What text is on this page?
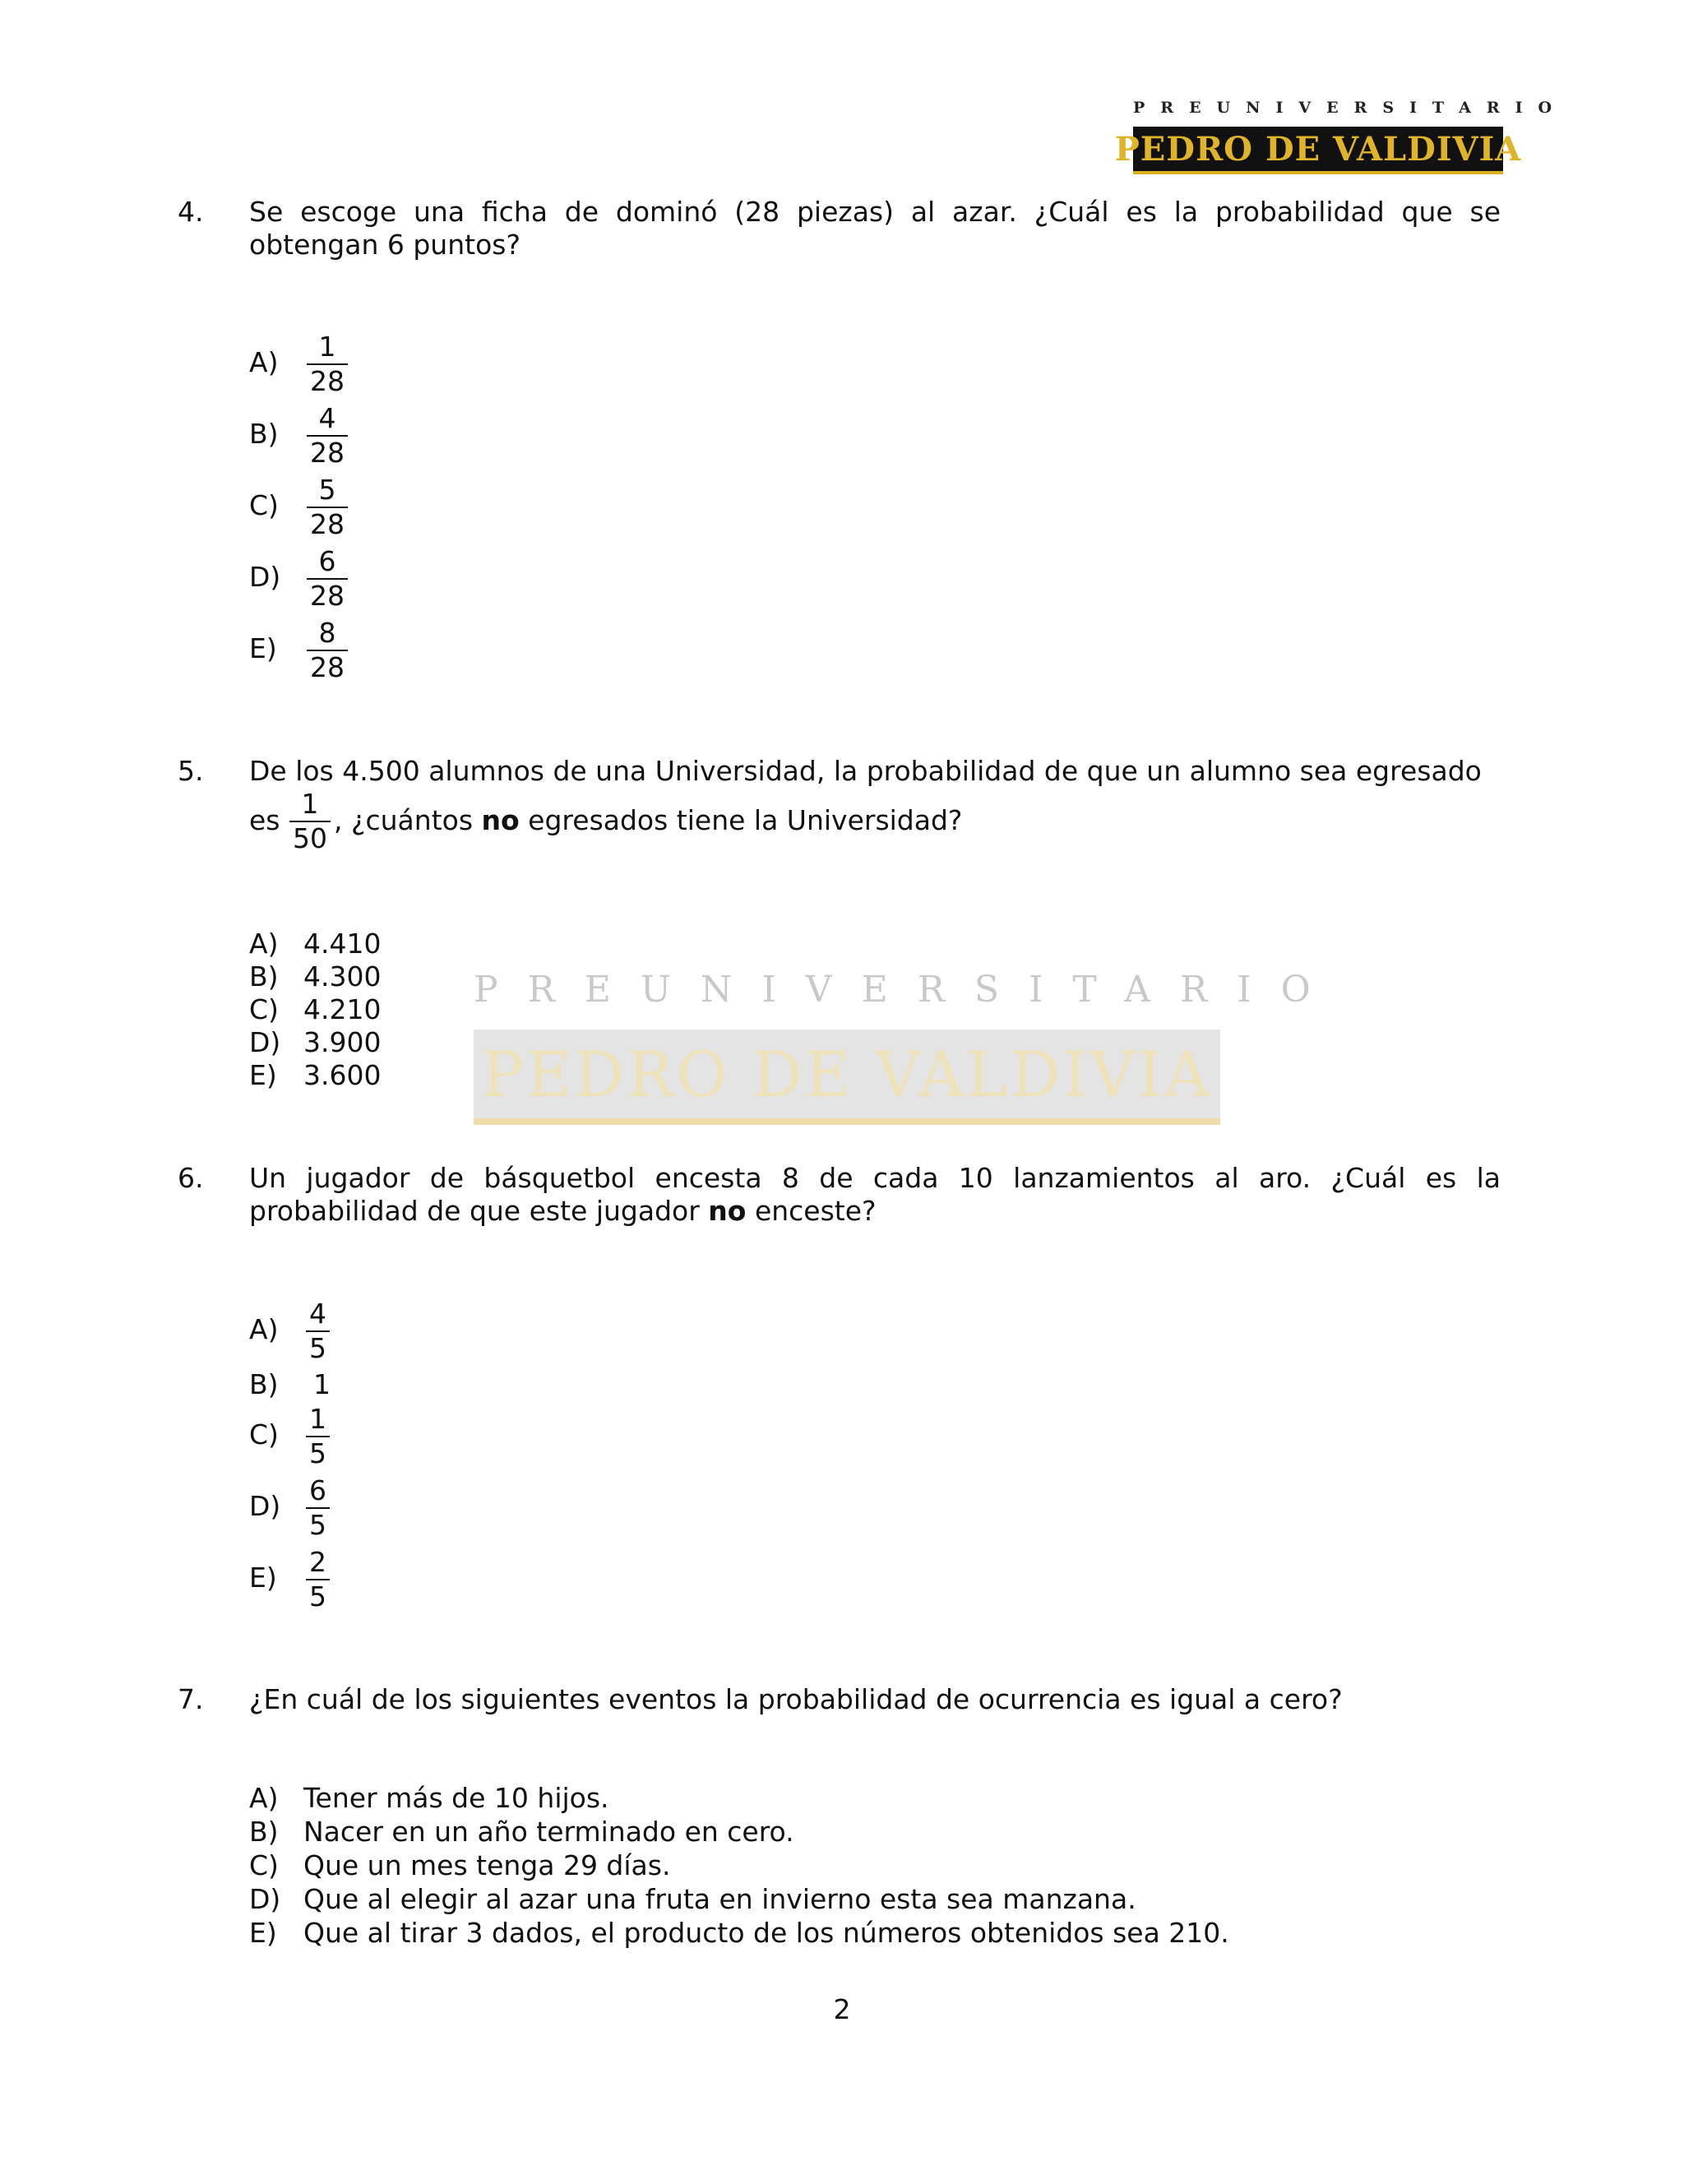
PREUNIVERSITARIO
PEDRO DE VALDIVIA
PREUNIVERSITARIO
PEDRO DE VALDIVIA
4. Se escoge una ficha de dominó (28 piezas) al azar. ¿Cuál es la probabilidad que se obtengan 6 puntos?
A) 1
28
B) 4
28
C) 5
28
D) 6
28
E) 8
28
5. De los 4.500 alumnos de una Universidad, la probabilidad de que un alumno sea egresado
es
1
50
, ¿cuántos no egresados tiene la Universidad?
A) 4.410
B) 4.300
C) 4.210
D) 3.900
E) 3.600
6. Un jugador de básquetbol encesta 8 de cada 10 lanzamientos al aro. ¿Cuál es la probabilidad de que este jugador no enceste?
A) 4
5
B) 1
C) 1
5
D) 6
5
E) 2
5
7. ¿En cuál de los siguientes eventos la probabilidad de ocurrencia es igual a cero?
A) Tener más de 10 hijos.
B) Nacer en un año terminado en cero.
C) Que un mes tenga 29 días.
D) Que al elegir al azar una fruta en invierno esta sea manzana.
E) Que al tirar 3 dados, el producto de los números obtenidos sea 210.
2
